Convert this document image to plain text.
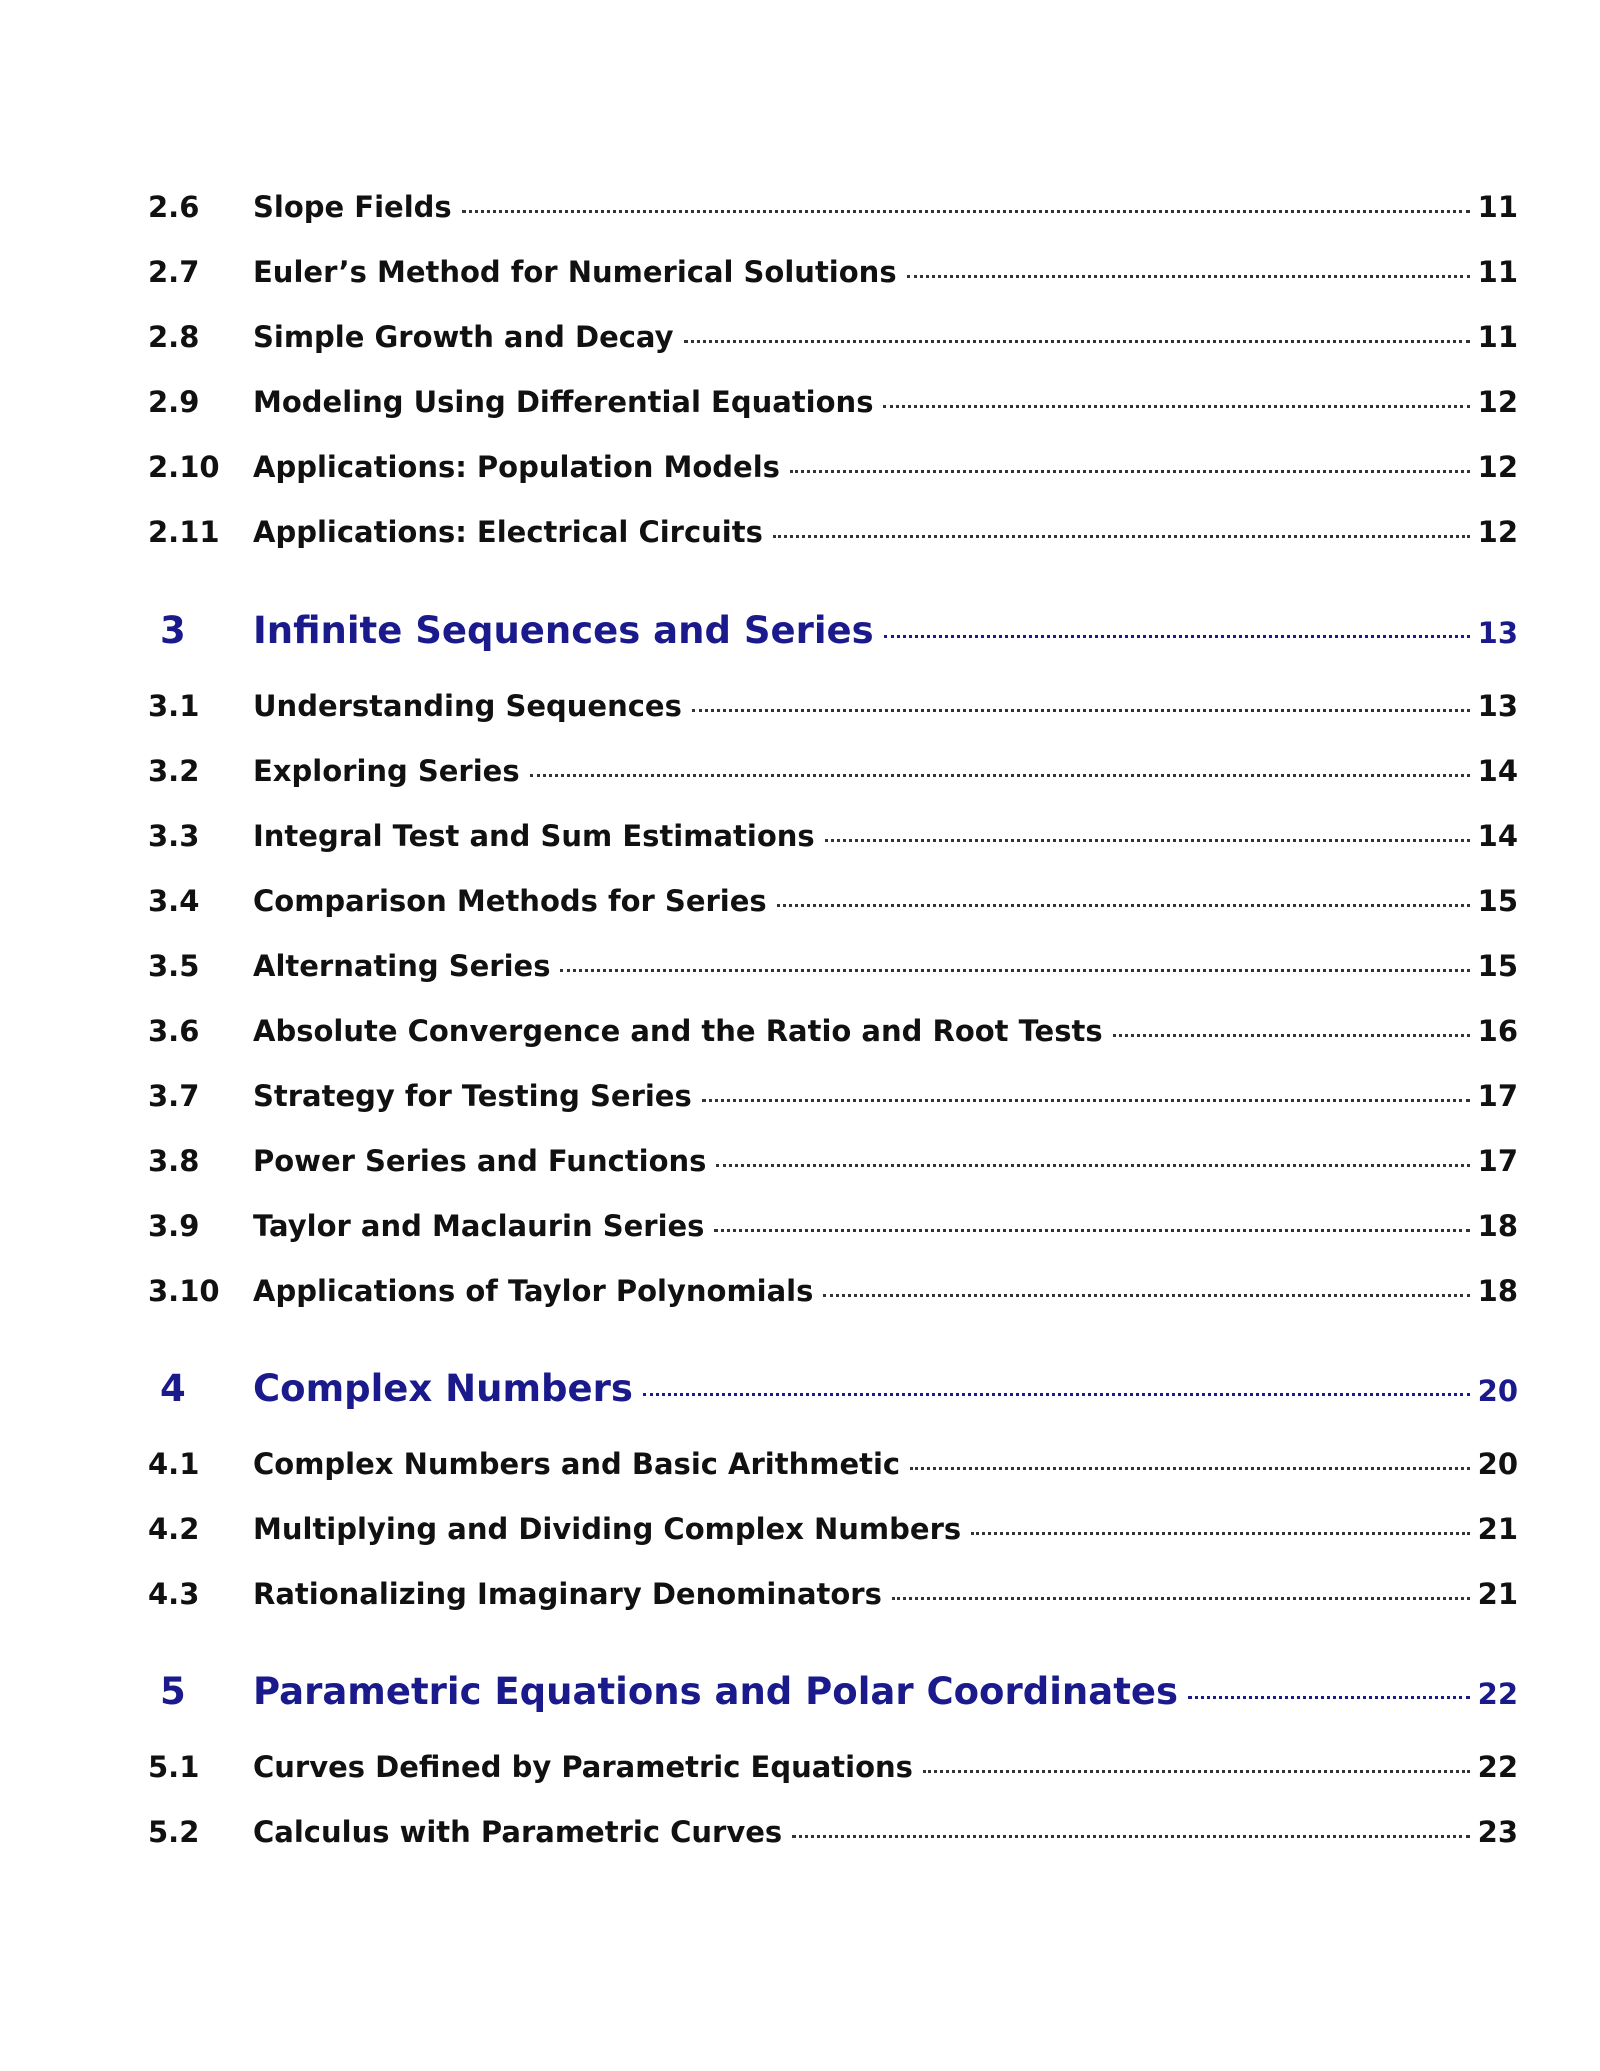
2.6	Slope Fields	11
2.7	Euler’s Method for Numerical Solutions	11
2.8	Simple Growth and Decay	11
2.9	Modeling Using Differential Equations	12
2.10	Applications: Population Models	12
2.11	Applications: Electrical Circuits	12
3	Infinite Sequences and Series	13
3.1	Understanding Sequences	13
3.2	Exploring Series	14
3.3	Integral Test and Sum Estimations	14
3.4	Comparison Methods for Series	15
3.5	Alternating Series	15
3.6	Absolute Convergence and the Ratio and Root Tests	16
3.7	Strategy for Testing Series	17
3.8	Power Series and Functions	17
3.9	Taylor and Maclaurin Series	18
3.10	Applications of Taylor Polynomials	18
4	Complex Numbers	20
4.1	Complex Numbers and Basic Arithmetic	20
4.2	Multiplying and Dividing Complex Numbers	21
4.3	Rationalizing Imaginary Denominators	21
5	Parametric Equations and Polar Coordinates	22
5.1	Curves Defined by Parametric Equations	22
5.2	Calculus with Parametric Curves	23
